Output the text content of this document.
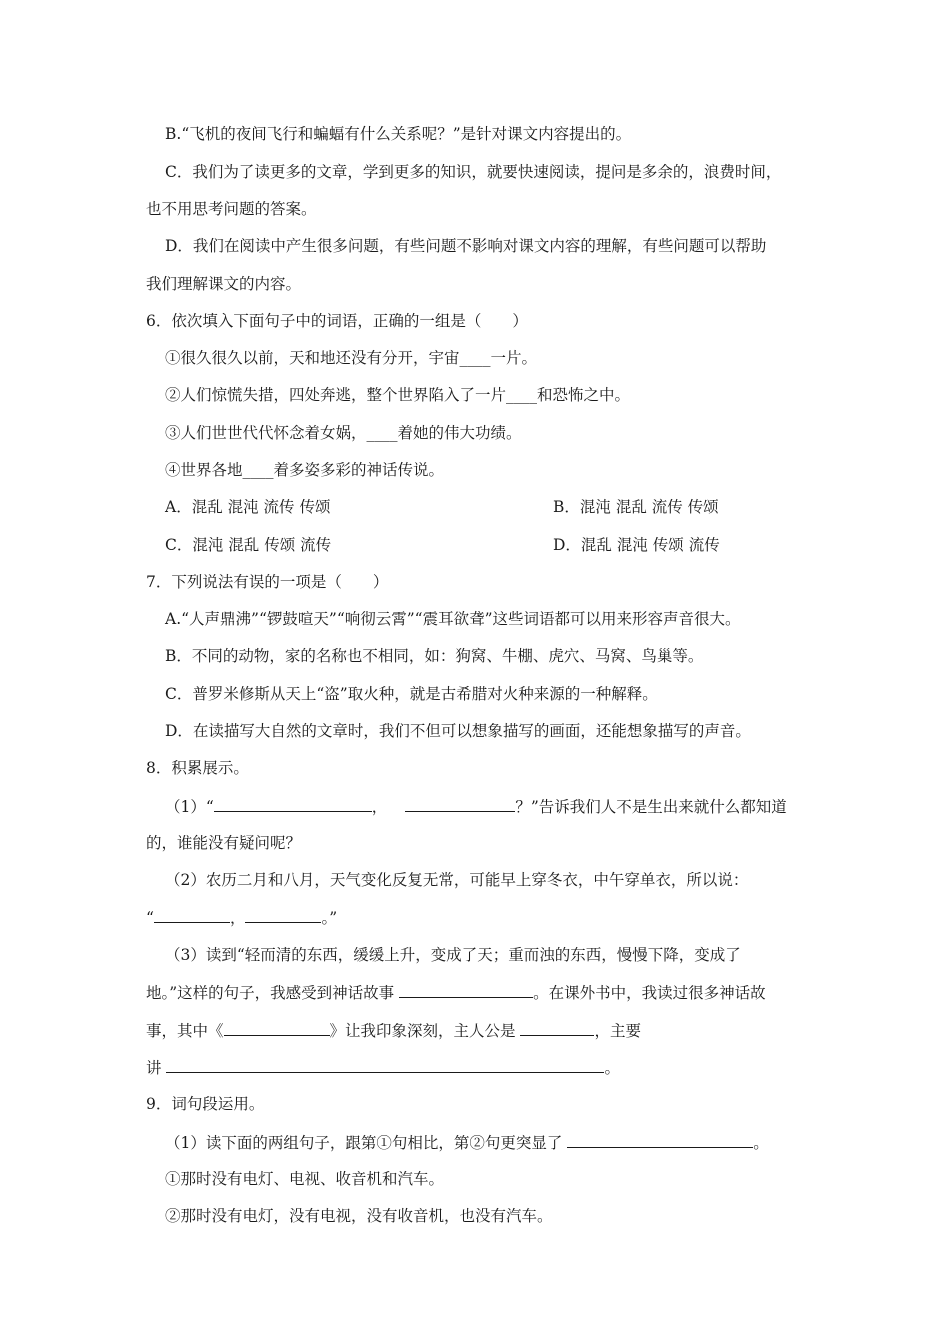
B.“飞机的夜间飞行和蝙蝠有什么关系呢？”是针对课文内容提出的。
C．我们为了读更多的文章，学到更多的知识，就要快速阅读，提问是多余的，浪费时间，
也不用思考问题的答案。
D．我们在阅读中产生很多问题，有些问题不影响对课文内容的理解，有些问题可以帮助
我们理解课文的内容。
6．依次填入下面句子中的词语，正确的一组是（　　）
①很久很久以前，天和地还没有分开，宇宙____一片。
②人们惊慌失措，四处奔逃，整个世界陷入了一片____和恐怖之中。
③人们世世代代怀念着女娲，____着她的伟大功绩。
④世界各地____着多姿多彩的神话传说。
A．混乱 混沌 流传 传颂	B．混沌 混乱 流传 传颂
C．混沌 混乱 传颂 流传	D．混乱 混沌 传颂 流传
7．下列说法有误的一项是（　　）
A.“人声鼎沸”“锣鼓喧天”“响彻云霄”“震耳欲聋”这些词语都可以用来形容声音很大。
B．不同的动物，家的名称也不相同，如：狗窝、牛棚、虎穴、马窝、鸟巢等。
C．普罗米修斯从天上“盗”取火种，就是古希腊对火种来源的一种解释。
D．在读描写大自然的文章时，我们不但可以想象描写的画面，还能想象描写的声音。
8．积累展示。
（1）“	，	？”告诉我们人不是生出来就什么都知道
的，谁能没有疑问呢？
（2）农历二月和八月，天气变化反复无常，可能早上穿冬衣，中午穿单衣，所以说：
“	，	。”
（3）读到“轻而清的东西，缓缓上升，变成了天；重而浊的东西，慢慢下降，变成了
地。”这样的句子，我感受到神话故事	。在课外书中，我读过很多神话故
事，其中《	》让我印象深刻，主人公是	，主要
讲	。
9．词句段运用。
（1）读下面的两组句子，跟第①句相比，第②句更突显了	。
①那时没有电灯、电视、收音机和汽车。
②那时没有电灯，没有电视，没有收音机，也没有汽车。
